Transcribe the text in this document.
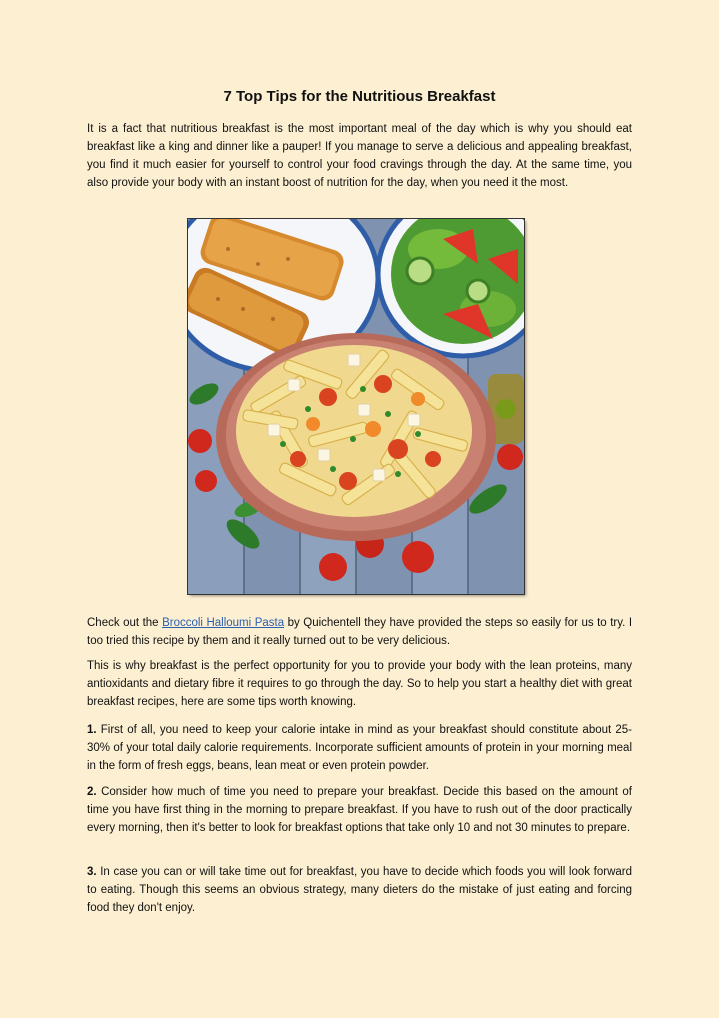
7 Top Tips for the Nutritious Breakfast

It is a fact that nutritious breakfast is the most important meal of the day which is why you should eat breakfast like a king and dinner like a pauper! If you manage to serve a delicious and appealing breakfast, you find it much easier for yourself to control your food cravings through the day. At the same time, you also provide your body with an instant boost of nutrition for the day, when you need it the most.

Check out the Broccoli Halloumi Pasta by Quichentell they have provided the steps so easily for us to try. I too tried this recipe by them and it really turned out to be very delicious.

This is why breakfast is the perfect opportunity for you to provide your body with the lean proteins, many antioxidants and dietary fibre it requires to go through the day. So to help you start a healthy diet with great breakfast recipes, here are some tips worth knowing.

1. First of all, you need to keep your calorie intake in mind as your breakfast should constitute about 25-30% of your total daily calorie requirements. Incorporate sufficient amounts of protein in your morning meal in the form of fresh eggs, beans, lean meat or even protein powder.

2. Consider how much of time you need to prepare your breakfast. Decide this based on the amount of time you have first thing in the morning to prepare breakfast. If you have to rush out of the door practically every morning, then it's better to look for breakfast options that take only 10 and not 30 minutes to prepare.

3. In case you can or will take time out for breakfast, you have to decide which foods you will look forward to eating. Though this seems an obvious strategy, many dieters do the mistake of just eating and forcing food they don't enjoy.
